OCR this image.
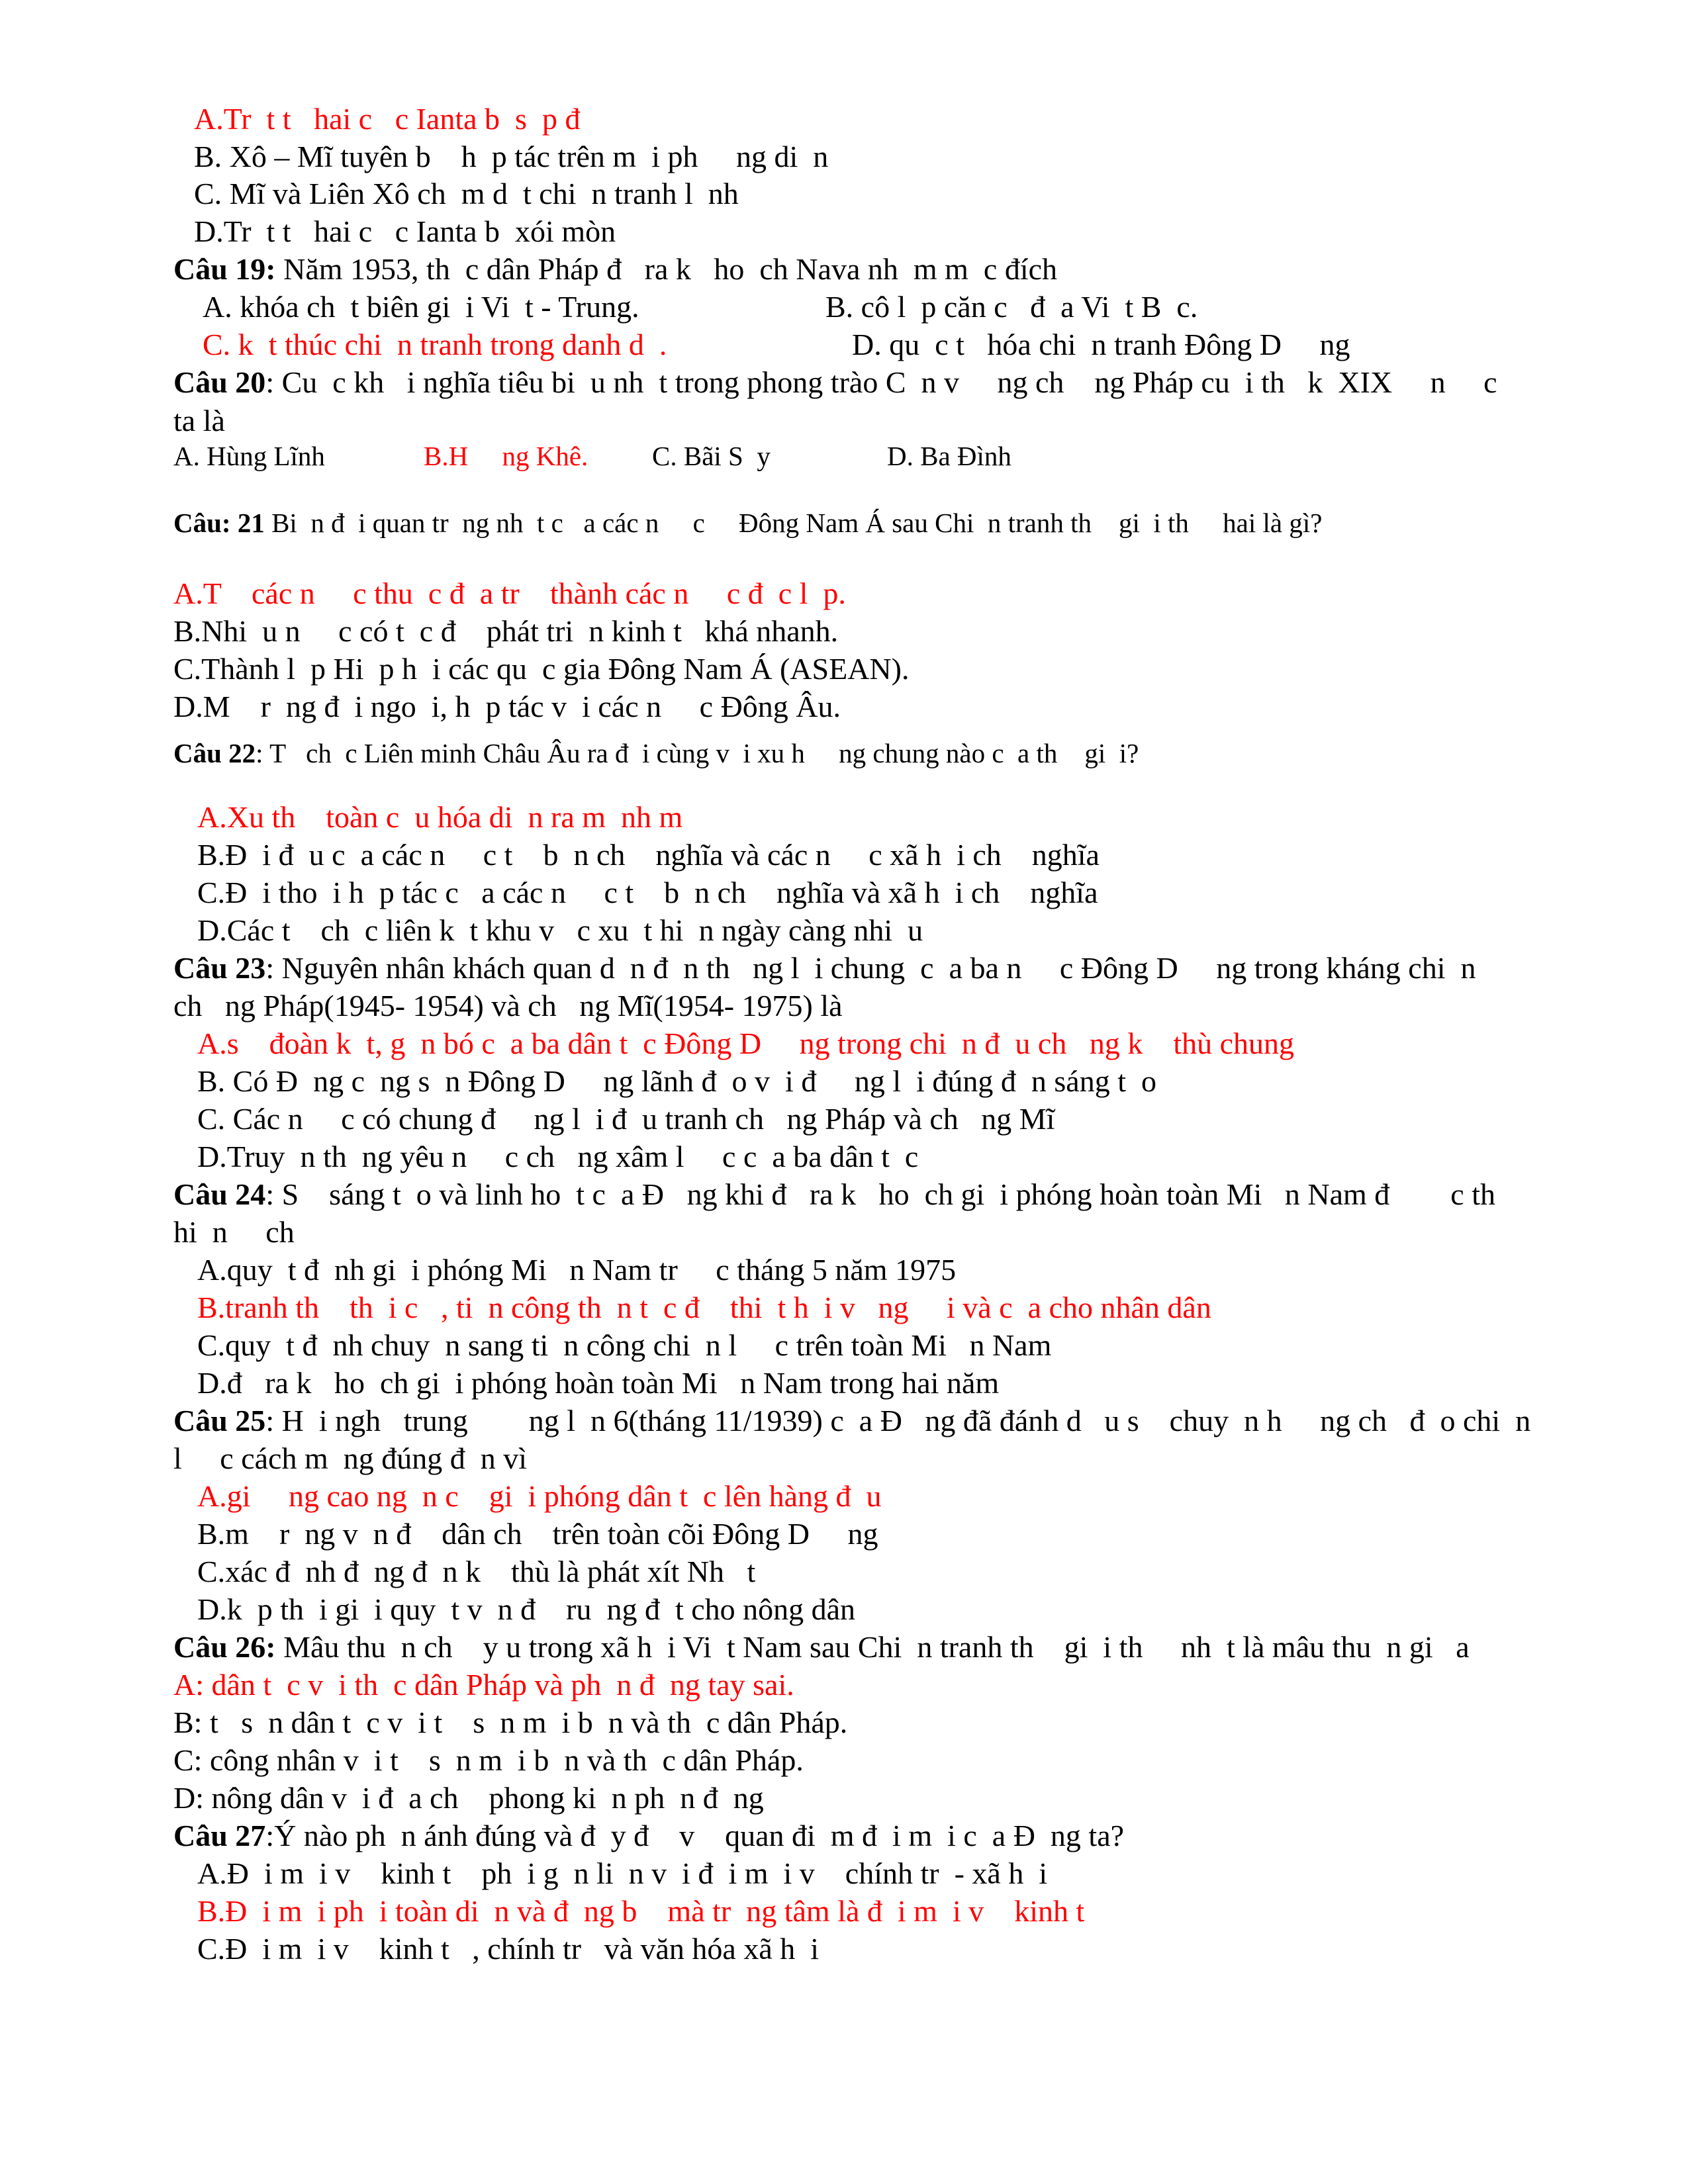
A.Tr  t t   hai c   c Ianta b  s  p đ
B. Xô – Mĩ tuyên b    h  p tác trên m  i ph     ng di  n
C. Mĩ và Liên Xô ch  m d  t chi  n tranh l  nh
D.Tr  t t   hai c   c Ianta b  xói mòn
Câu 19: Năm 1953, th  c dân Pháp đ   ra k   ho  ch Nava nh  m m  c đích
A. khóa ch  t biên gi  i Vi  t - Trung.	B. cô l  p căn c   đ  a Vi  t B  c.
C. k  t thúc chi  n tranh trong danh d  .	D. qu  c t   hóa chi  n tranh Đông D     ng
Câu 20: Cu  c kh   i nghĩa tiêu bi  u nh  t trong phong trào C  n v     ng ch    ng Pháp cu  i th   k  XIX     n     c
ta là
A. Hùng Lĩnh	B.H     ng Khê. C. Bãi S  y	D. Ba Đình
Câu: 21 Bi  n đ  i quan tr  ng nh  t c   a các n     c     Đông Nam Á sau Chi  n tranh th    gi  i th     hai là gì?
A.T    các n     c thu  c đ  a tr    thành các n     c đ  c l  p.
B.Nhi  u n     c có t  c đ    phát tri  n kinh t   khá nhanh.
C.Thành l  p Hi  p h  i các qu  c gia Đông Nam Á (ASEAN).
D.M    r  ng đ  i ngo  i, h  p tác v  i các n     c Đông Âu.
Câu 22: T   ch  c Liên minh Châu Âu ra đ  i cùng v  i xu h     ng chung nào c  a th    gi  i?
A.Xu th    toàn c  u hóa di  n ra m  nh m
B.Đ  i đ  u c  a các n     c t    b  n ch    nghĩa và các n     c xã h  i ch    nghĩa
C.Đ  i tho  i h  p tác c   a các n     c t    b  n ch    nghĩa và xã h  i ch    nghĩa
D.Các t    ch  c liên k  t khu v   c xu  t hi  n ngày càng nhi  u
Câu 23: Nguyên nhân khách quan d  n đ  n th   ng l  i chung  c  a ba n     c Đông D     ng trong kháng chi  n
ch   ng Pháp(1945- 1954) và ch   ng Mĩ(1954- 1975) là
A.s    đoàn k  t, g  n bó c  a ba dân t  c Đông D     ng trong chi  n đ  u ch   ng k    thù chung
B. Có Đ  ng c  ng s  n Đông D     ng lãnh đ  o v  i đ     ng l  i đúng đ  n sáng t  o
C. Các n     c có chung đ     ng l  i đ  u tranh ch   ng Pháp và ch   ng Mĩ
D.Truy  n th  ng yêu n     c ch   ng xâm l     c c  a ba dân t  c
Câu 24: S    sáng t  o và linh ho  t c  a Đ   ng khi đ   ra k   ho  ch gi  i phóng hoàn toàn Mi   n Nam đ        c th
hi  n     ch
A.quy  t đ  nh gi  i phóng Mi   n Nam tr     c tháng 5 năm 1975
B.tranh th    th  i c   , ti  n công th  n t  c đ    thi  t h  i v   ng     i và c  a cho nhân dân
C.quy  t đ  nh chuy  n sang ti  n công chi  n l     c trên toàn Mi   n Nam
D.đ   ra k   ho  ch gi  i phóng hoàn toàn Mi   n Nam trong hai năm
Câu 25: H  i ngh   trung        ng l  n 6(tháng 11/1939) c  a Đ   ng đã đánh d   u s    chuy  n h     ng ch   đ  o chi  n
l     c cách m  ng đúng đ  n vì
A.gi     ng cao ng  n c    gi  i phóng dân t  c lên hàng đ  u
B.m    r  ng v  n đ    dân ch    trên toàn cõi Đông D     ng
C.xác đ  nh đ  ng đ  n k    thù là phát xít Nh   t
D.k  p th  i gi  i quy  t v  n đ    ru  ng đ  t cho nông dân
Câu 26: Mâu thu  n ch    y u trong xã h  i Vi  t Nam sau Chi  n tranh th    gi  i th     nh  t là mâu thu  n gi   a
A: dân t  c v  i th  c dân Pháp và ph  n đ  ng tay sai.
B: t   s  n dân t  c v  i t    s  n m  i b  n và th  c dân Pháp.
C: công nhân v  i t    s  n m  i b  n và th  c dân Pháp.
D: nông dân v  i đ  a ch    phong ki  n ph  n đ  ng
Câu 27:Ý nào ph  n ánh đúng và đ  y đ    v    quan đi  m đ  i m  i c  a Đ  ng ta?
A.Đ  i m  i v    kinh t    ph  i g  n li  n v  i đ  i m  i v    chính tr  - xã h  i
B.Đ  i m  i ph  i toàn di  n và đ  ng b    mà tr  ng tâm là đ  i m  i v    kinh t
C.Đ  i m  i v    kinh t   , chính tr   và văn hóa xã h  i
